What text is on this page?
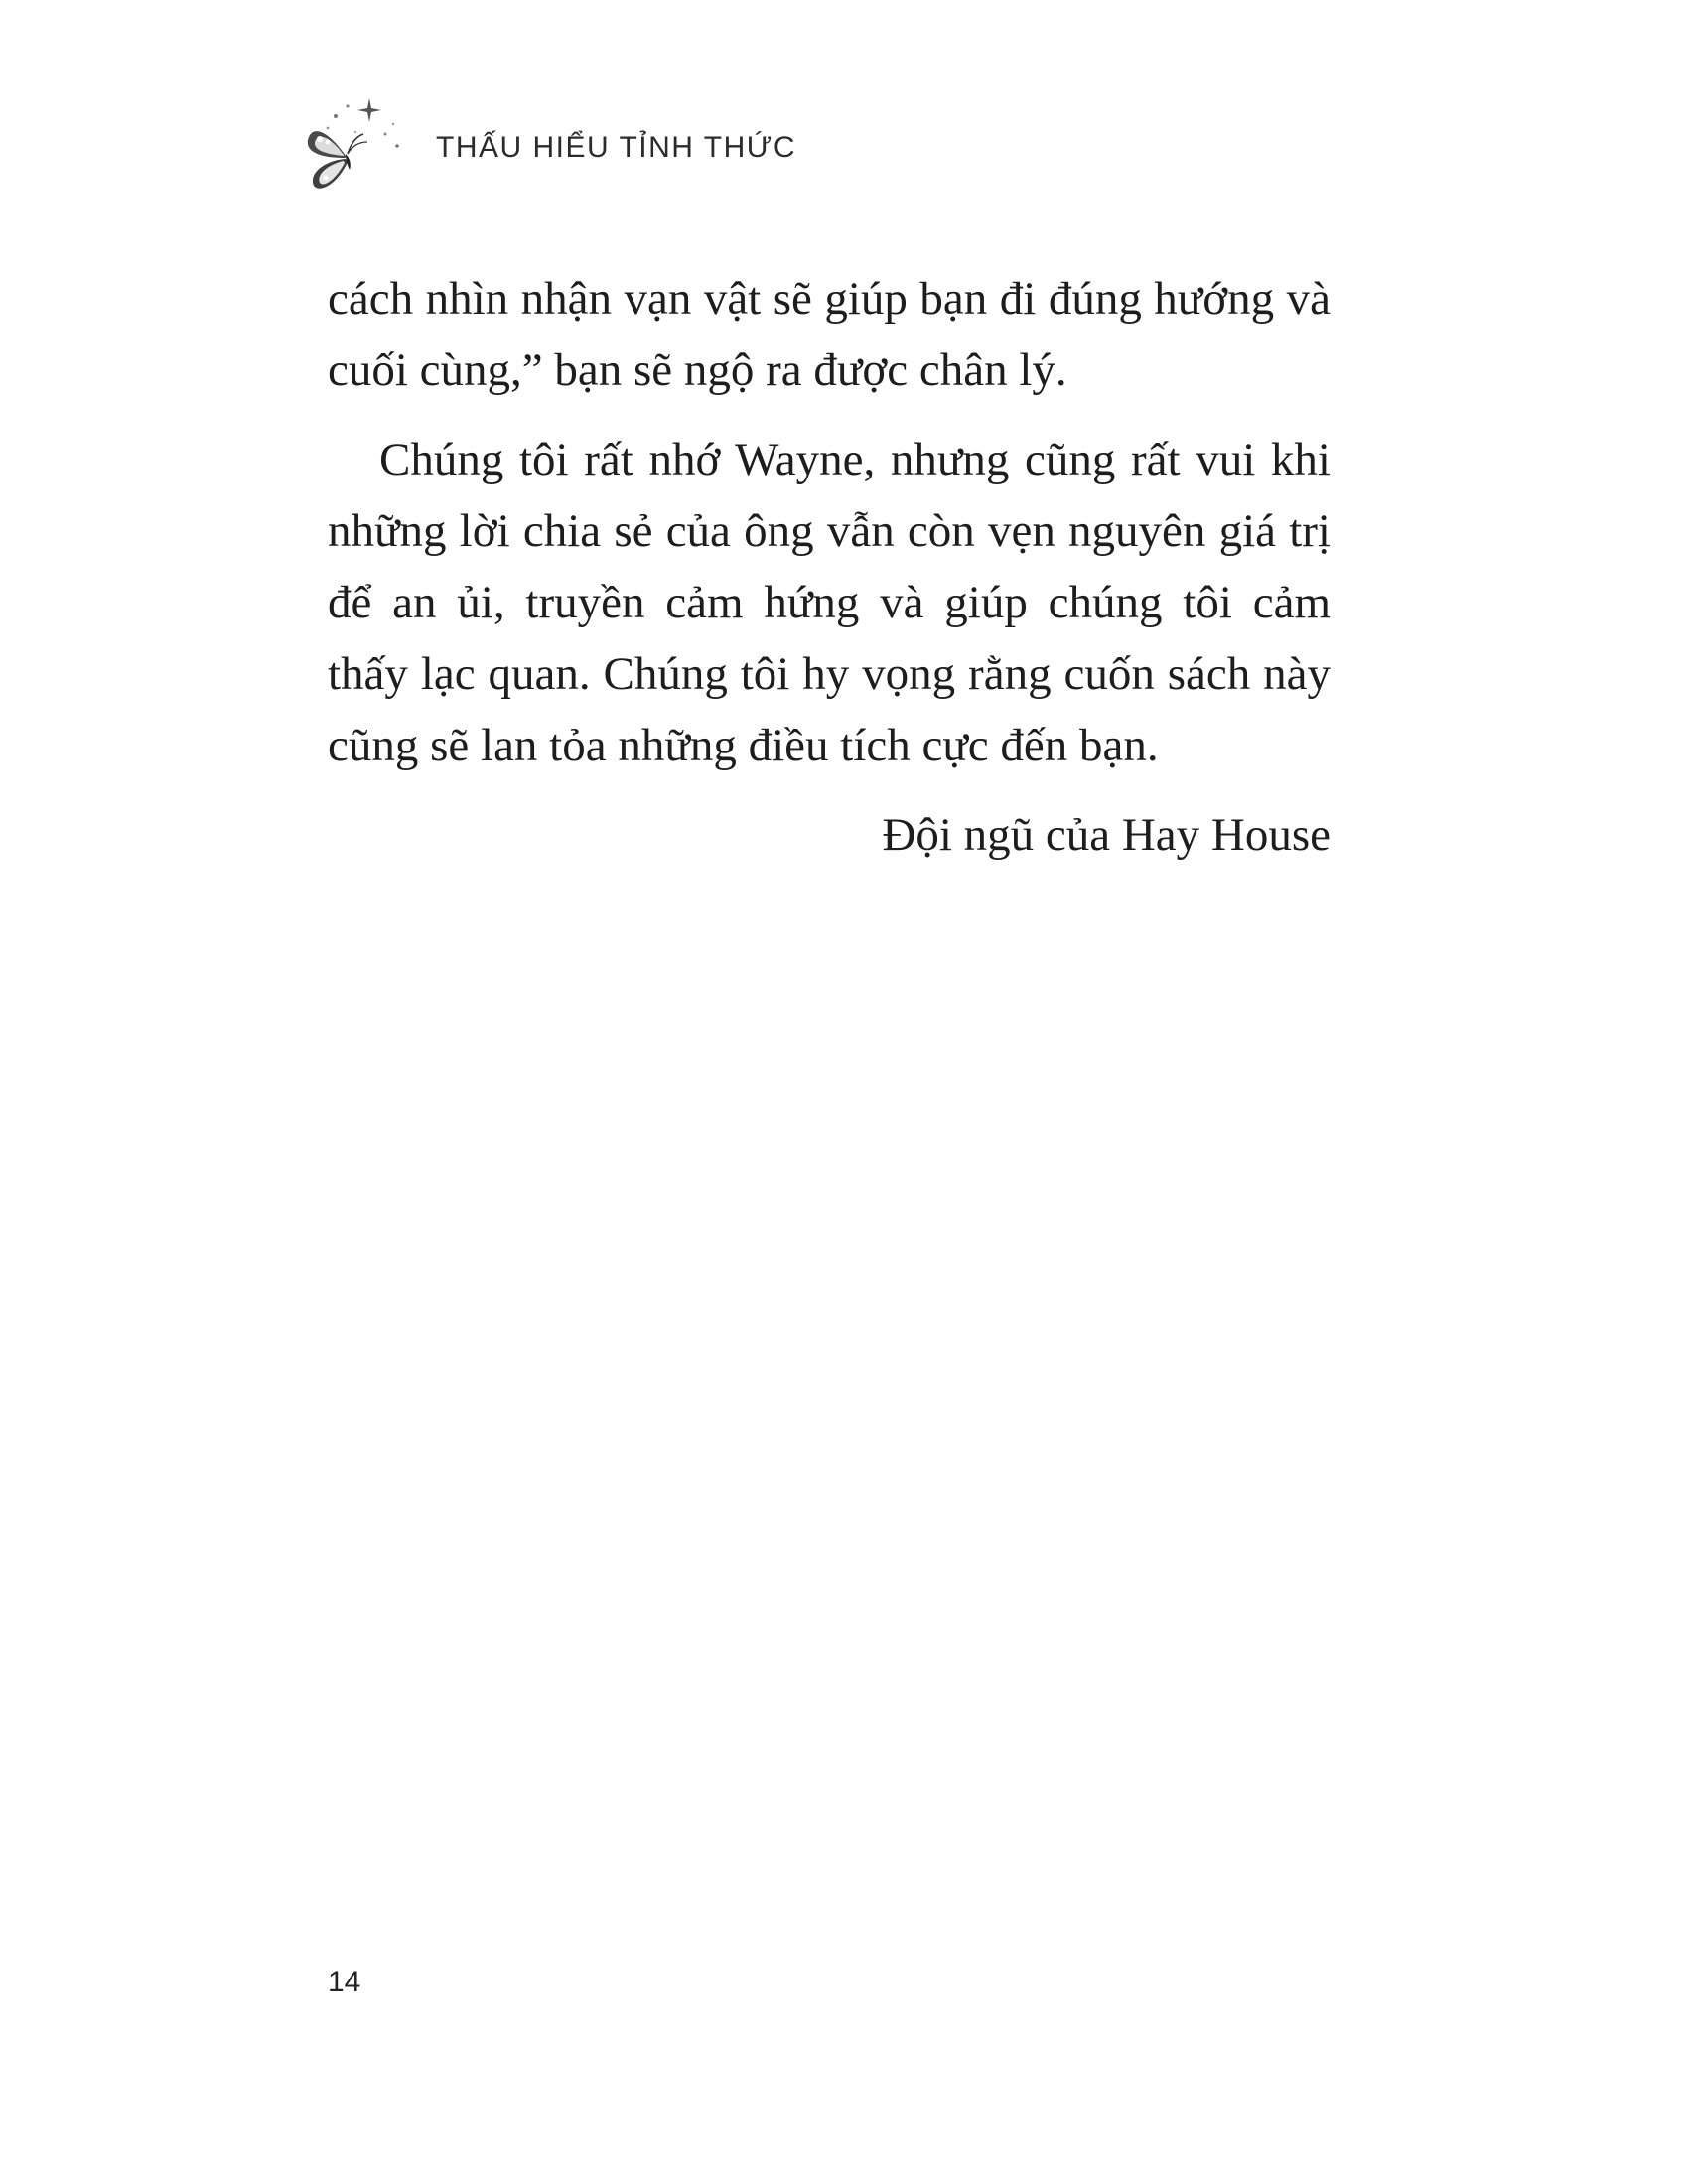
THẤU HIỂU TỈNH THỨC

cách nhìn nhận vạn vật sẽ giúp bạn đi đúng hướng và cuối cùng,” bạn sẽ ngộ ra được chân lý.

Chúng tôi rất nhớ Wayne, nhưng cũng rất vui khi những lời chia sẻ của ông vẫn còn vẹn nguyên giá trị để an ủi, truyền cảm hứng và giúp chúng tôi cảm thấy lạc quan. Chúng tôi hy vọng rằng cuốn sách này cũng sẽ lan tỏa những điều tích cực đến bạn.

Đội ngũ của Hay House
14
